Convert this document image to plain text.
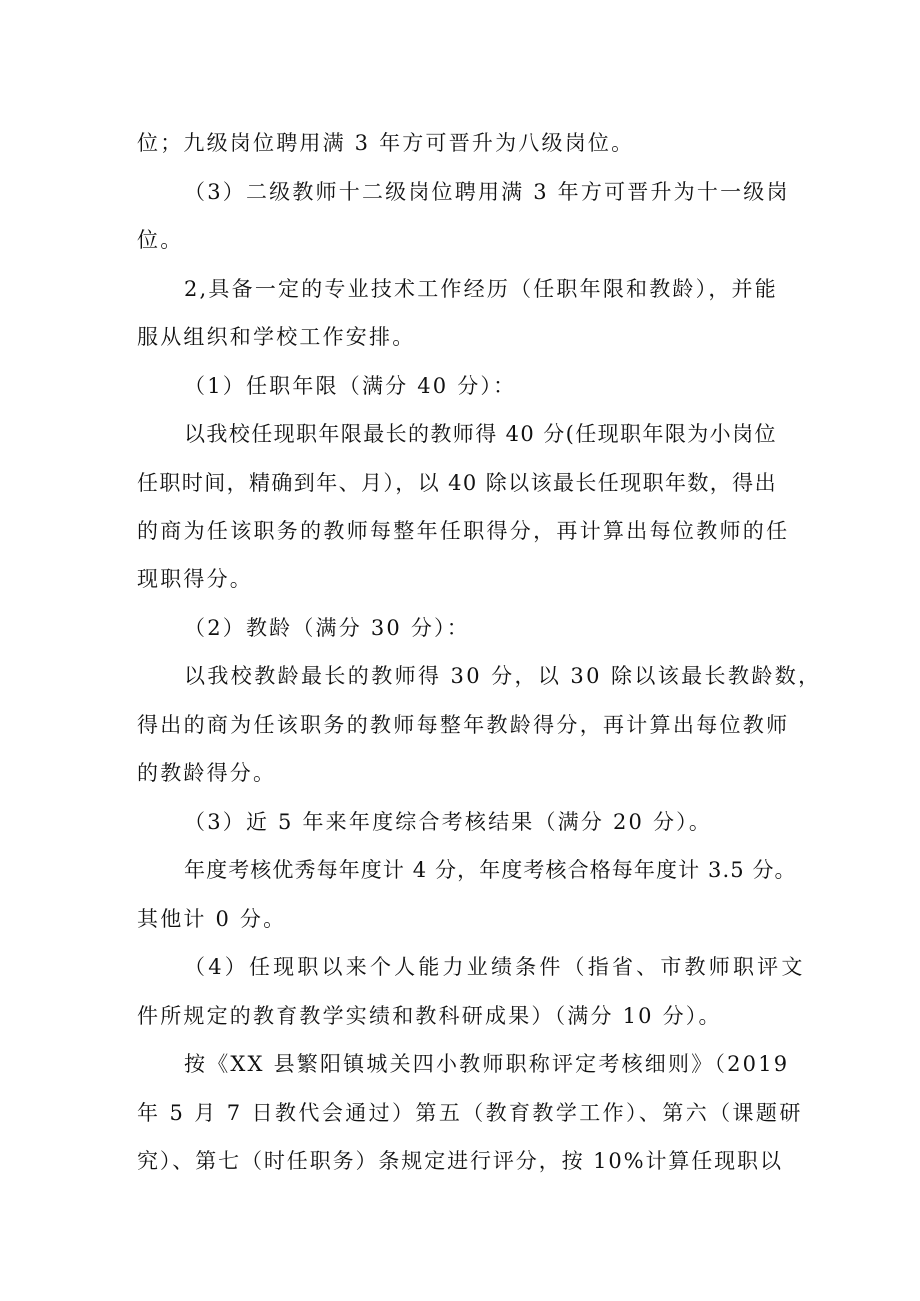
位；九级岗位聘用满 3 年方可晋升为八级岗位。
（3）二级教师十二级岗位聘用满 3 年方可晋升为十一级岗
位。
2,具备一定的专业技术工作经历（任职年限和教龄），并能
服从组织和学校工作安排。
（1）任职年限（满分 40 分）：
以我校任现职年限最长的教师得 40 分(任现职年限为小岗位
任职时间，精确到年、月），以 40 除以该最长任现职年数，得出
的商为任该职务的教师每整年任职得分，再计算出每位教师的任
现职得分。
（2）教龄（满分 30 分）：
以我校教龄最长的教师得 30 分，以 30 除以该最长教龄数，
得出的商为任该职务的教师每整年教龄得分，再计算出每位教师
的教龄得分。
（3）近 5 年来年度综合考核结果（满分 20 分）。
年度考核优秀每年度计 4 分，年度考核合格每年度计 3.5 分。
其他计 0 分。
（4）任现职以来个人能力业绩条件（指省、市教师职评文
件所规定的教育教学实绩和教科研成果）（满分 10 分）。
按《XX 县繁阳镇城关四小教师职称评定考核细则》（2019
年 5 月 7 日教代会通过）第五（教育教学工作）、第六（课题研
究）、第七（时任职务）条规定进行评分，按 10%计算任现职以
